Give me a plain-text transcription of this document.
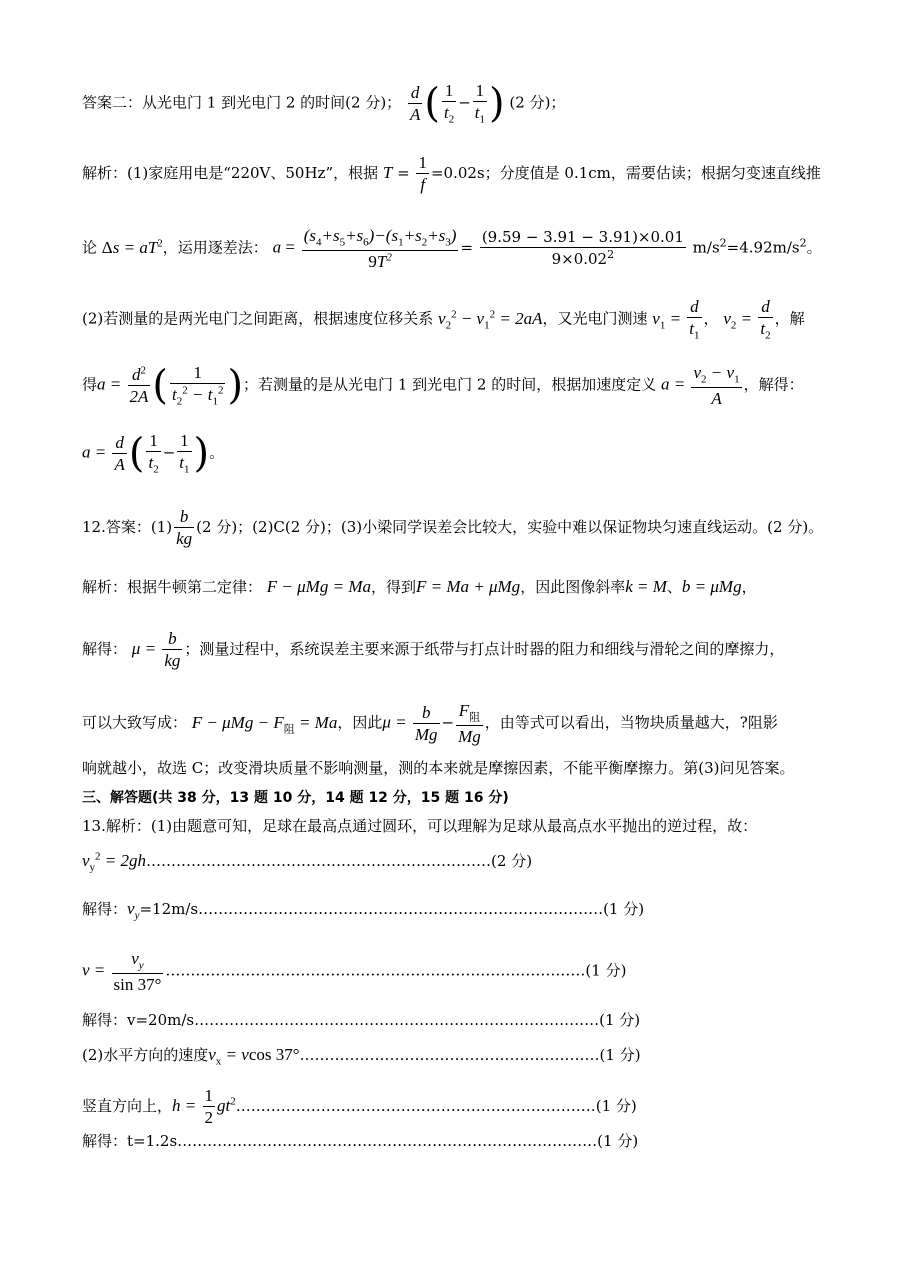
答案二：从光电门 1 到光电门 2 的时间(2 分)； $\frac{d}{A}$ ( $\frac{1}{t_2} - \frac{1}{t_1}$ ) (2 分)；
解析：(1)家庭用电是“220V、50Hz”，根据 $T = \frac{1}{f} =0.02s$；分度值是 0.1cm，需要估读；根据匀变速直线推
论 $\Delta s = aT^2$，运用逐差法： $a = \frac{(s_4+s_5+s_6)-(s_1+s_2+s_3)}{9T^2} = \frac{(9.59 - 3.91 - 3.91)\times 0.01}{9\times 0.02^2} m/s^2=4.92m/s^2$。
(2)若测量的是两光电门之间距离，根据速度位移关系 $v_2^2 - v_1^2 = 2aA$，又光电门测速 $v_1 = \frac{d}{t_1}$ ， $v_2 = \frac{d}{t_2}$ ，解
得$a = \frac{d^2}{2A}$ ( $\frac{1}{t_2^2 - t_1^2}$ )；若测量的是从光电门 1 到光电门 2 的时间，根据加速度定义 $a = \frac{v_2 - v_1}{A}$ ，解得：
$a = \frac{d}{A}$ ( $\frac{1}{t_2} - \frac{1}{t_1}$ )。
12.答案：$(1) \frac{b}{kg} (2$ 分)；(2)C(2 分)；(3)小梁同学误差会比较大，实验中难以保证物块匀速直线运动。(2 分)。
解析：根据牛顿第二定律： F − μMg = Ma，得到F = Ma + μMg，因此图像斜率k = M、b = μMg，
解得： $\mu = \frac{b}{kg}$ ；测量过程中，系统误差主要来源于纸带与打点计时器的阻力和细线与滑轮之间的摩擦力，
可以大致写成： $F - \mu Mg - F_阻 = Ma$，因此$\mu = \frac{b}{Mg} - \frac{F_阻}{Mg}$ ，由等式可以看出，当物块质量越大，?阻影
响就越小，故选 C；改变滑块质量不影响测量，测的本来就是摩擦因素，不能平衡摩擦力。第(3)问见答案。
三、解答题(共 38 分，13 题 10 分，14 题 12 分，15 题 16 分)
13.解析：(1)由题意可知，足球在最高点通过圆环，可以理解为足球从最高点水平抛出的逆过程，故：
$v_y^2$ = 2gh……………………………………………………………(2 分)
解得：$v_y=12m/s\dots\dots\dots\dots\dots\dots\dots\dots\dots\dots\dots\dots\dots\dots\dots\dots\dots\dots\dots\dots\dots\dots\dots\dots\dots\dots\dots(1$ 分)
$v = \frac{v_y}{\sin 37^\circ}$ …………………………………………………………………………(1 分)
解得：v=20m/s………………………………………………………………………(1 分)
(2)水平方向的速度$v_x = vcos$ 37°……………………………………………………(1 分)
竖直方向上，$h = \frac{1}{2}$ $gt^2\dots\dots\dots\dots\dots\dots\dots\dots\dots\dots\dots\dots\dots\dots\dots\dots\dots\dots\dots\dots\dots\dots\dots\dots(1$ 分)
解得：t=1.2s…………………………………………………………………………(1 分)
